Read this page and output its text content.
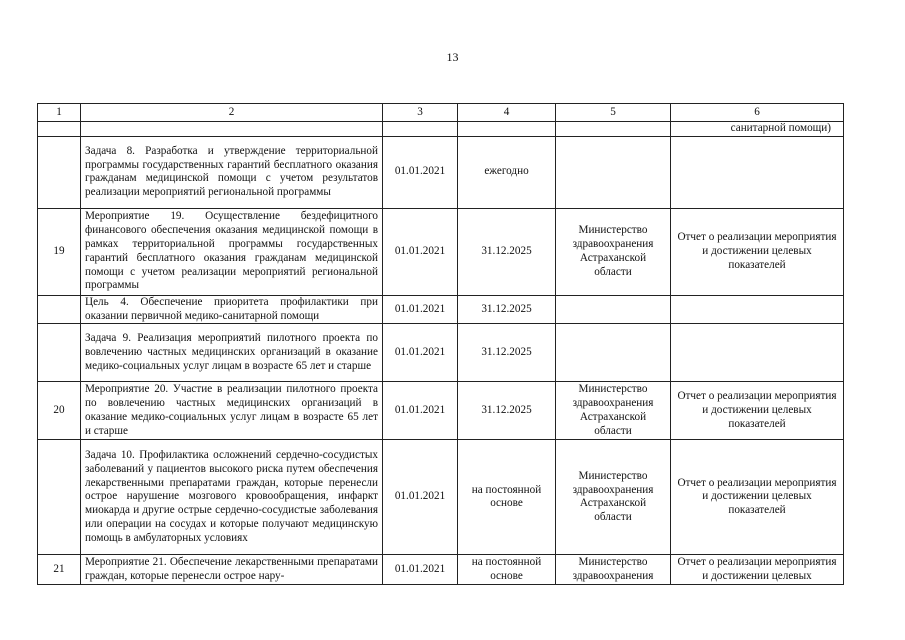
13
1	2	3	4	5	6
					санитарной помощи)
	Задача 8. Разработка и утверждение территориальной программы государственных гарантий бесплатного оказания гражданам медицинской помощи с учетом результатов реализации мероприятий региональной программы	01.01.2021	ежегодно		
19	Мероприятие 19. Осуществление бездефицитного финансового обеспечения оказания медицинской помощи в рамках территориальной программы государственных гарантий бесплатного оказания гражданам медицинской помощи с учетом реализации мероприятий региональной программы	01.01.2021	31.12.2025	Министерство здравоохранения Астраханской области	Отчет о реализации мероприятия и достижении целевых показателей
	Цель 4. Обеспечение приоритета профилактики при оказании первичной медико-санитарной помощи	01.01.2021	31.12.2025		
	Задача 9. Реализация мероприятий пилотного проекта по вовлечению частных медицинских организаций в оказание медико-социальных услуг лицам в возрасте 65 лет и старше	01.01.2021	31.12.2025		
20	Мероприятие 20. Участие в реализации пилотного проекта по вовлечению частных медицинских организаций в оказание медико-социальных услуг лицам в возрасте 65 лет и старше	01.01.2021	31.12.2025	Министерство здравоохранения Астраханской области	Отчет о реализации мероприятия и достижении целевых показателей
	Задача 10. Профилактика осложнений сердечно-сосудистых заболеваний у пациентов высокого риска путем обеспечения лекарственными препаратами граждан, которые перенесли острое нарушение мозгового кровообращения, инфаркт миокарда и другие острые сердечно-сосудистые заболевания или операции на сосудах и которые получают медицинскую помощь в амбулаторных условиях	01.01.2021	на постоянной основе	Министерство здравоохранения Астраханской области	Отчет о реализации мероприятия и достижении целевых показателей
21	Мероприятие 21. Обеспечение лекарственными препаратами граждан, которые перенесли острое нару-	01.01.2021	на постоянной основе	Министерство здравоохранения	Отчет о реализации мероприятия и достижении целевых
